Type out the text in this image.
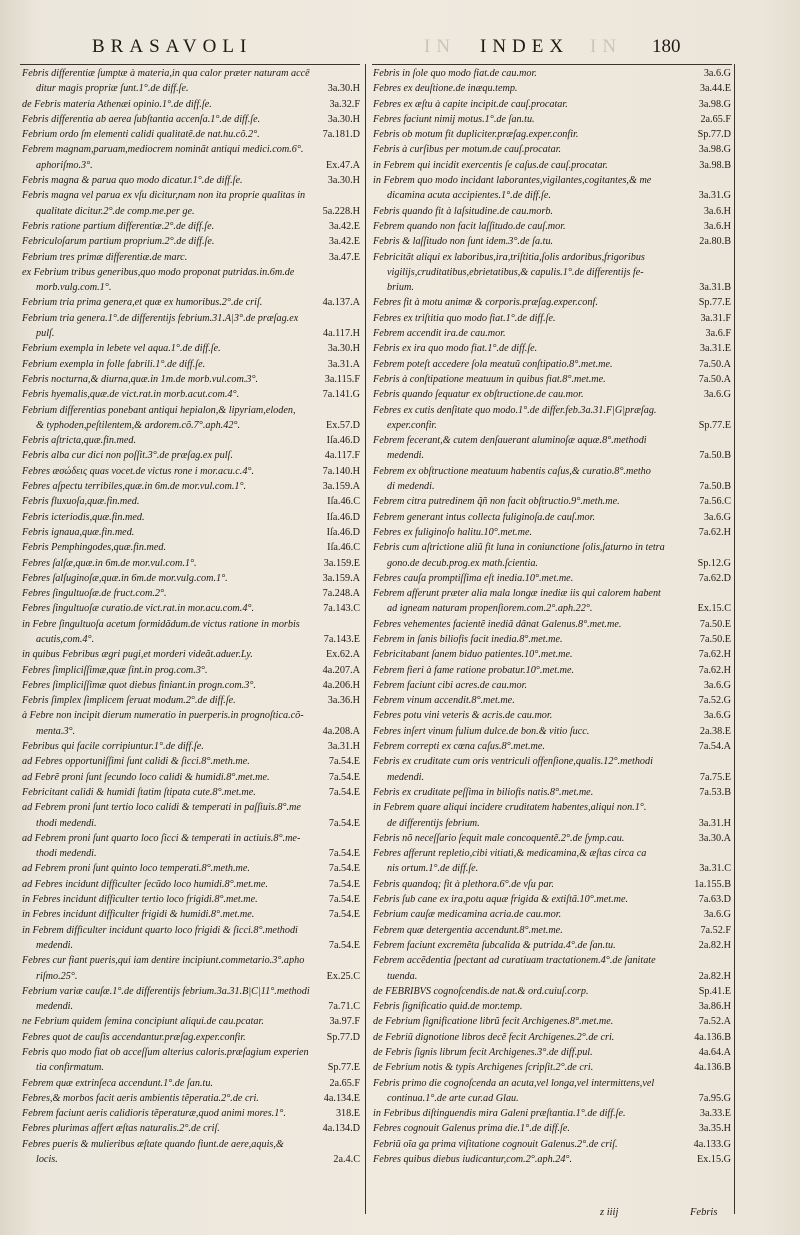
BRASAVOLI	IN INDEX IN 180
Febris differentiæ ſumptæ à materia,in qua calor præter naturam accē
ditur magis propriæ ſunt.1°.de diff.ſe.	3a.30.H
de Febris materia Athenæi opinio.1°.de diff.ſe.	3a.32.F
Febris differentia ab aerea ſubſtantia accenſa.1°.de diff.ſe.	3a.30.H
Febrium ordo ſm elementi calidi qualitatẽ.de nat.hu.cõ.2°.	7a.181.D
Febrem magnam,paruam,mediocrem nominãt antiqui medici.com.6°.
aphoriſmo.3°.	Ex.47.A
Febris magna & parua quo modo dicatur.1°.de diff.ſe.	3a.30.H
Febris magna vel parua ex vſu dicitur,nam non ita proprie qualitas in
qualitate dicitur.2°.de comp.me.per ge.	5a.228.H
Febris ratione partium differentiæ.2°.de diff.ſe.	3a.42.E
Febriculoſarum partium proprium.2°.de diff.ſe.	3a.42.E
Febrium tres primæ differentiæ.de marc.	3a.47.E
ex Febrium tribus generibus,quo modo proponat putridas.in.6m.de
morb.vulg.com.1°.
Febrium tria prima genera,et quæ ex humoribus.2°.de criſ.	4a.137.A
Febrium tria genera.1°.de differentijs febrium.31.A|3°.de præſag.ex
pulſ.	4a.117.H
Febrium exempla in lebete vel aqua.1°.de diff.ſe.	3a.30.H
Febrium exempla in folle fabrili.1°.de diff.ſe.	3a.31.A
Febris nocturna,& diurna,quæ.in 1m.de morb.vul.com.3°.	3a.115.F
Febris hyemalis,quæ.de vict.rat.in morb.acut.com.4°.	7a.141.G
Febrium differentias ponebant antiqui hepialon,& lipyriam,eloden,
& typhoden,peſtilentem,& ardorem.cõ.7°.aph.42°.	Ex.57.D
Febris aſtricta,quæ.fin.med.	Iſa.46.D
Febris alba cur dici non poſſit.3°.de præſag.ex pulſ.	4a.117.F
Febres æσώδεις quas vocet.de victus rone i mor.acu.c.4°.	7a.140.H
Febres aſpectu terribiles,quæ.in 6m.de mor.vul.com.1°.	3a.159.A
Febris fluxuoſa,quæ.fin.med.	Iſa.46.C
Febris icteriodis,quæ.fin.med.	Iſa.46.D
Febris ignaua,quæ.fin.med.	Iſa.46.D
Febris Pemphingodes,quæ.fin.med.	Iſa.46.C
Febres ſalſæ,quæ.in 6m.de mor.vul.com.1°.	3a.159.E
Febres ſalſuginoſæ,quæ.in 6m.de mor.vulg.com.1°.	3a.159.A
Febres ſingultuoſæ.de fruct.com.2°.	7a.248.A
Febres ſingultuoſæ curatio.de vict.rat.in mor.acu.com.4°.	7a.143.C
in Febre ſingultuoſa acetum formidãdum.de victus ratione in morbis
acutis,com.4°.	7a.143.E
in quibus Febribus ægri pugi,et morderi videãt.aduer.Ly.	Ex.62.A
Febres ſimpliciſſimæ,quæ ſint.in prog.com.3°.	4a.207.A
Febres ſimpliciſſimæ quot diebus finiant.in progn.com.3°.	4a.206.H
Febris ſimplex ſimplicem ſeruat modum.2°.de diff.ſe.	3a.36.H
à Febre non incipit dierum numeratio in puerperis.in prognoſtica.cõ-
menta.3°.	4a.208.A
Febribus qui facile corripiuntur.1°.de diff.ſe.	3a.31.H
ad Febres opportuniſſimi ſunt calidi & ſicci.8°.meth.me.	7a.54.E
ad Febrẽ proni ſunt ſecundo loco calidi & humidi.8°.met.me.	7a.54.E
Febricitant calidi & humidi ſtatim ſtipata cute.8°.met.me.	7a.54.E
ad Febrem proni ſunt tertio loco calidi & temperati in paſſiuis.8°.me
thodi medendi.	7a.54.E
ad Febrem proni ſunt quarto loco ſicci & temperati in actiuis.8°.me-
thodi medendi.	7a.54.E
ad Febrem proni ſunt quinto loco temperati.8°.meth.me.	7a.54.E
ad Febres incidunt difficulter ſecũdo loco humidi.8°.met.me.	7a.54.E
in Febres incidunt difficulter tertio loco frigidi.8°.met.me.	7a.54.E
in Febres incidunt difficulter frigidi & humidi.8°.met.me.	7a.54.E
in Febrem difficulter incidunt quarto loco frigidi & ſicci.8°.methodi
medendi.	7a.54.E
Febres cur fiant pueris,qui iam dentire incipiunt.commetario.3°.apho
riſmo.25°.	Ex.25.C
Febrium variæ cauſæ.1°.de differentijs febrium.3a.31.B|C|11°.methodi
medendi.	7a.71.C
ne Febrium quidem ſemina concipiunt aliqui.de cau.pcatar.	3a.97.F
Febres quot de cauſis accendantur.præſag.exper.confir.	Sp.77.D
Febris quo modo fiat ob acceſſum alterius caloris.præſagium experien
tia confirmatum.	Sp.77.E
Febrem quæ extrinſeca accendunt.1°.de ſan.tu.	2a.65.F
Febres,& morbos facit aeris ambientis tẽperatia.2°.de cri.	4a.134.E
Febrem faciunt aeris calidioris tẽperaturæ,quod animi mores.1°.	318.E
Febres plurimas affert æſtas naturalis.2°.de criſ.	4a.134.D
Febres pueris & mulieribus æſtate quando fiunt.de aere,aquis,&
locis.	2a.4.C
Febris in ſole quo modo fiat.de cau.mor.	3a.6.G
Febres ex deuſtione.de inæqu.temp.	3a.44.E
Febres ex æſtu à capite incipit.de cauſ.procatar.	3a.98.G
Febres faciunt nimij motus.1°.de ſan.tu.	2a.65.F
Febris ob motum fit dupliciter.præſag.exper.confir.	Sp.77.D
Febris à curſibus per motum.de cauſ.procatar.	3a.98.G
in Febrem qui incidit exercentis ſe caſus.de cauſ.procatar.	3a.98.B
in Febrem quo modo incidant laborantes,vigilantes,cogitantes,& me
dicamina acuta accipientes.1°.de diff.ſe.	3a.31.G
Febris quando fit à laſsitudine.de cau.morb.	3a.6.H
Febrem quando non facit laſſitudo.de cauſ.mor.	3a.6.H
Febris & laſſitudo non ſunt idem.3°.de ſa.tu.	2a.80.B
Febricitãt aliqui ex laboribus,ira,triſtitia,ſolis ardoribus,frigoribus
vigilijs,cruditatibus,ebrietatibus,& capulis.1°.de differentijs fe-
brium.	3a.31.B
Febres fit à motu animæ & corporis.præſag.exper.conf.	Sp.77.E
Febres ex triſtitia quo modo fiat.1°.de diff.ſe.	3a.31.F
Febrem accendit ira.de cau.mor.	3a.6.F
Febris ex ira quo modo fiat.1°.de diff.ſe.	3a.31.E
Febrem poteſt accedere ſola meatuũ conſtipatio.8°.met.me.	7a.50.A
Febris à conſtipatione meatuum in quibus fiat.8°.met.me.	7a.50.A
Febris quando ſequatur ex obſtructione.de cau.mor.	3a.6.G
Febres ex cutis denſitate quo modo.1°.de differ.feb.3a.31.F|G|præſag.
exper.confir.	Sp.77.E
Febrem fecerant,& cutem denſauerant aluminoſæ aquæ.8°.methodi
medendi.	7a.50.B
Febrem ex obſtructione meatuum habentis caſus,& curatio.8°.metho
di medendi.	7a.50.B
Febrem citra putredinem q̃ñ non facit obſtructio.9°.meth.me.	7a.56.C
Febrem generant intus collecta fuliginoſa.de cauſ.mor.	3a.6.G
Febres ex fuliginoſo halitu.10°.met.me.	7a.62.H
Febris cum aſtrictione aliũ fit luna in coniunctione ſolis,ſaturno in tetra
gono.de decub.prog.ex math.ſcientia.	Sp.12.G
Febres cauſa promptiſſima eſt inedia.10°.met.me.	7a.62.D
Febrem afferunt præter alia mala longæ inediæ iis qui calorem habent
ad igneam naturam propenſiorem.com.2°.aph.22°.	Ex.15.C
Febres vehementes facientẽ inediã dãnat Galenus.8°.met.me.	7a.50.E
Febrem in ſanis biliofis facit inedia.8°.met.me.	7a.50.E
Febricitabant ſanem biduo patientes.10°.met.me.	7a.62.H
Febrem fieri à fame ratione probatur.10°.met.me.	7a.62.H
Febrem faciunt cibi acres.de cau.mor.	3a.6.G
Febrem vinum accendit.8°.met.me.	7a.52.G
Febres potu vini veteris & acris.de cau.mor.	3a.6.G
Febres inſert vinum fulium dulce.de bon.& vitio ſucc.	2a.38.E
Febrem correpti ex cœna caſus.8°.met.me.	7a.54.A
Febris ex cruditate cum oris ventriculi offenſione,qualis.12°.methodi
medendi.	7a.75.E
Febris ex cruditate peſſima in biliofis natis.8°.met.me.	7a.53.B
in Febrem quare aliqui incidere cruditatem habentes,aliqui non.1°.
de differentijs febrium.	3a.31.H
Febris nõ neceſſario ſequit male concoquentẽ.2°.de ſymp.cau.	3a.30.A
Febres afferunt repletio,cibi vitiati,& medicamina,& æſtas circa ca
nis ortum.1°.de diff.ſe.	3a.31.C
Febris quandoq; fit à plethora.6°.de vſu par.	1a.155.B
Febris ſub cane ex ira,potu aquæ frigida & extiſtã.10°.met.me.	7a.63.D
Febrium cauſæ medicamina acria.de cau.mor.	3a.6.G
Febrem quæ detergentia accendunt.8°.met.me.	7a.52.F
Febrem faciunt excremẽta ſubcalida & putrida.4°.de ſan.tu.	2a.82.H
Febrem accẽdentia ſpectant ad curatiuam tractationem.4°.de ſanitate
tuenda.	2a.82.H
de FEBRIBVS cognoſcendis.de nat.& ord.cuiuſ.corp.	Sp.41.E
Febris ſignificatio quid.de mor.temp.	3a.86.H
de Febrium ſignificatione librũ fecit Archigenes.8°.met.me.	7a.52.A
de Febriũ dignotione libros decẽ fecit Archigenes.2°.de cri.	4a.136.B
de Febris ſignis librum fecit Archigenes.3°.de diff.pul.	4a.64.A
de Febrium notis & typis Archigenes ſcripſit.2°.de cri.	4a.136.B
Febris primo die cognoſcenda an acuta,vel longa,vel intermittens,vel
continua.1°.de arte cur.ad Glau.	7a.95.G
in Febribus diſtinguendis mira Galeni præſtantia.1°.de diff.ſe.	3a.33.E
Febres cognouit Galenus prima die.1°.de diff.ſe.	3a.35.H
Febriũ oĩa ga prima viſitatione cognouit Galenus.2°.de criſ.	4a.133.G
Febres quibus diebus iudicantur,com.2°.aph.24°.	Ex.15.G
z iiij	Febris
